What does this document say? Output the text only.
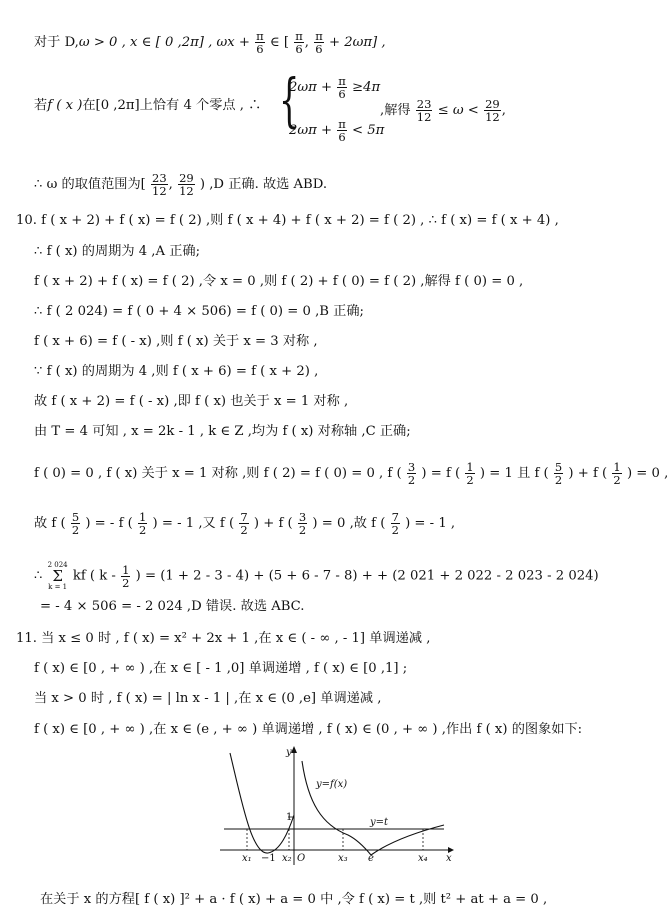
对于 D,ω > 0 , x ∈ [ 0 ,2π] , $\omega x + \frac{\pi}{6}$ ∈ [ $\frac{\pi}{6}$ , $\frac{\pi}{6} + 2\omega\pi$] ,
若f ( x )在[0 ,2π]上恰有 4 个零点 , ∴ {
$2\omega\pi + \frac{\pi}{6} \ge 4\pi$
$2\omega\pi + \frac{\pi}{6} < 5\pi$
,解得 $\frac{23}{12} \le \omega < \frac{29}{12}$ ,
∴ ω 的取值范围为[ $\frac{23}{12}$ , $\frac{29}{12}$ ) ,D 正确. 故选 ABD.
10. f ( x + 2) + f ( x) = f ( 2) ,则 f ( x + 4) + f ( x + 2) = f ( 2) , ∴ f ( x) = f ( x + 4) ,
∴ f ( x) 的周期为 4 ,A 正确;
f ( x + 2) + f ( x) = f ( 2) ,令 x = 0 ,则 f ( 2) + f ( 0) = f ( 2) ,解得 f ( 0) = 0 ,
∴ f ( 2 024) = f ( 0 + 4 × 506) = f ( 0) = 0 ,B 正确;
f ( x + 6) = f ( - x) ,则 f ( x) 关于 x = 3 对称 ,
∵ f ( x) 的周期为 4 ,则 f ( x + 6) = f ( x + 2) ,
故 f ( x + 2) = f ( - x) ,即 f ( x) 也关于 x = 1 对称 ,
由 T = 4 可知 , x = 2k - 1 , k ∈ Z ,均为 f ( x) 对称轴 ,C 正确;
f ( 0) = 0 , f ( x) 关于 x = 1 对称 ,则 f ( 2) = f ( 0) = 0 , f ( $\frac{3}{2}$ ) = f ( $\frac{1}{2}$ ) = 1 且 f ( $\frac{5}{2}$ ) + f ( $\frac{1}{2}$ ) = 0 ,
故 f ( $\frac{5}{2}$ ) = - f ( $\frac{1}{2}$ ) = - 1 ,又 f ( $\frac{7}{2}$ ) + f ( $\frac{3}{2}$ ) = 0 ,故 f ( $\frac{7}{2}$ ) = - 1 ,
∴
2 024
Σ
k = 1
kf ( k - $\frac{1}{2}$ ) = (1 + 2 - 3 - 4) + (5 + 6 - 7 - 8) + + (2 021 + 2 022 - 2 023 - 2 024)
= - 4 × 506 = - 2 024 ,D 错误. 故选 ABC.
11. 当 x ≤ 0 时 , f ( x) = x² + 2x + 1 ,在 x ∈ ( - ∞ , - 1] 单调递减 ,
f ( x) ∈ [0 , + ∞ ) ,在 x ∈ [ - 1 ,0] 单调递增 , f ( x) ∈ [0 ,1] ;
当 x > 0 时 , f ( x) = | ln x - 1 | ,在 x ∈ (0 ,e] 单调递减 ,
f ( x) ∈ [0 , + ∞ ) ,在 x ∈ (e , + ∞ ) 单调递增 , f ( x) ∈ (0 , + ∞ ) ,作出 f ( x) 的图象如下:
y
x
y=f(x)
y=t
1
O
x₁ −1 x₂	x₃ e	x₄
在关于 x 的方程[ f ( x) ]² + a · f ( x) + a = 0 中 ,令 f ( x) = t ,则 t² + at + a = 0 ,
